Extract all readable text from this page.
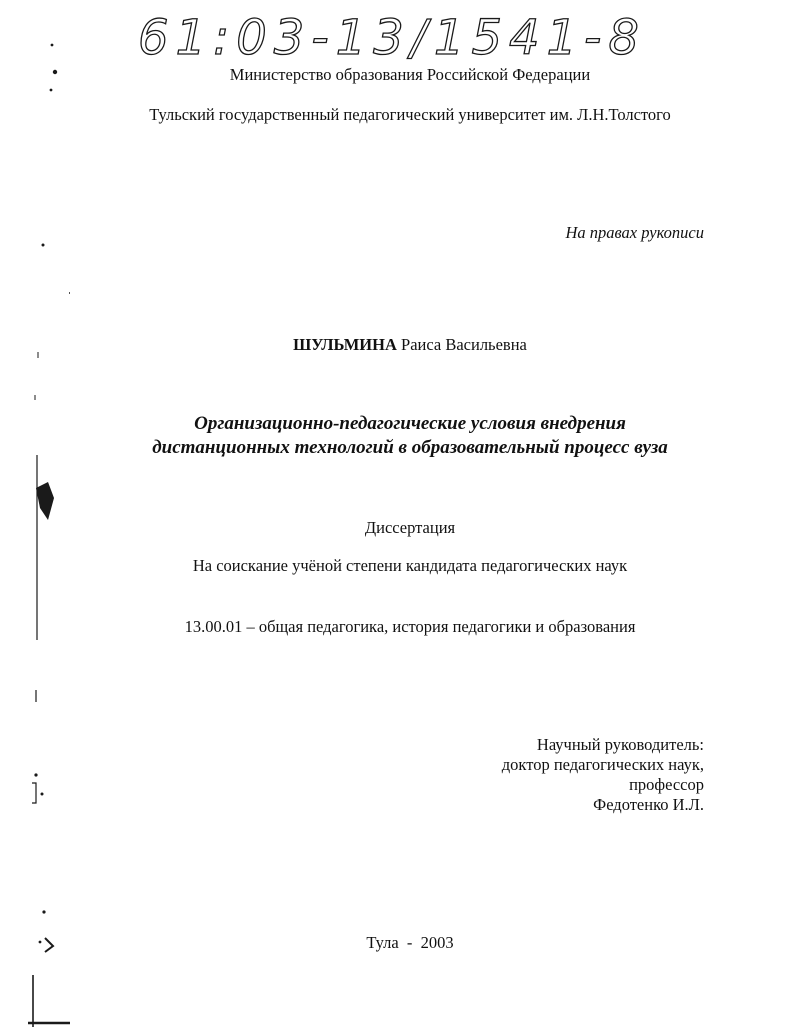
61:03-13/1541-8
Министерство образования Российской Федерации
Тульский государственный педагогический университет им. Л.Н.Толстого
На правах рукописи
ШУЛЬМИНА Раиса Васильевна
Организационно-педагогические условия внедрения
дистанционных технологий в образовательный процесс вуза
Диссертация
На соискание учёной степени кандидата педагогических наук
13.00.01 – общая педагогика, история педагогики и образования
Научный руководитель:
доктор педагогических наук,
профессор
Федотенко И.Л.
Тула  -  2003
